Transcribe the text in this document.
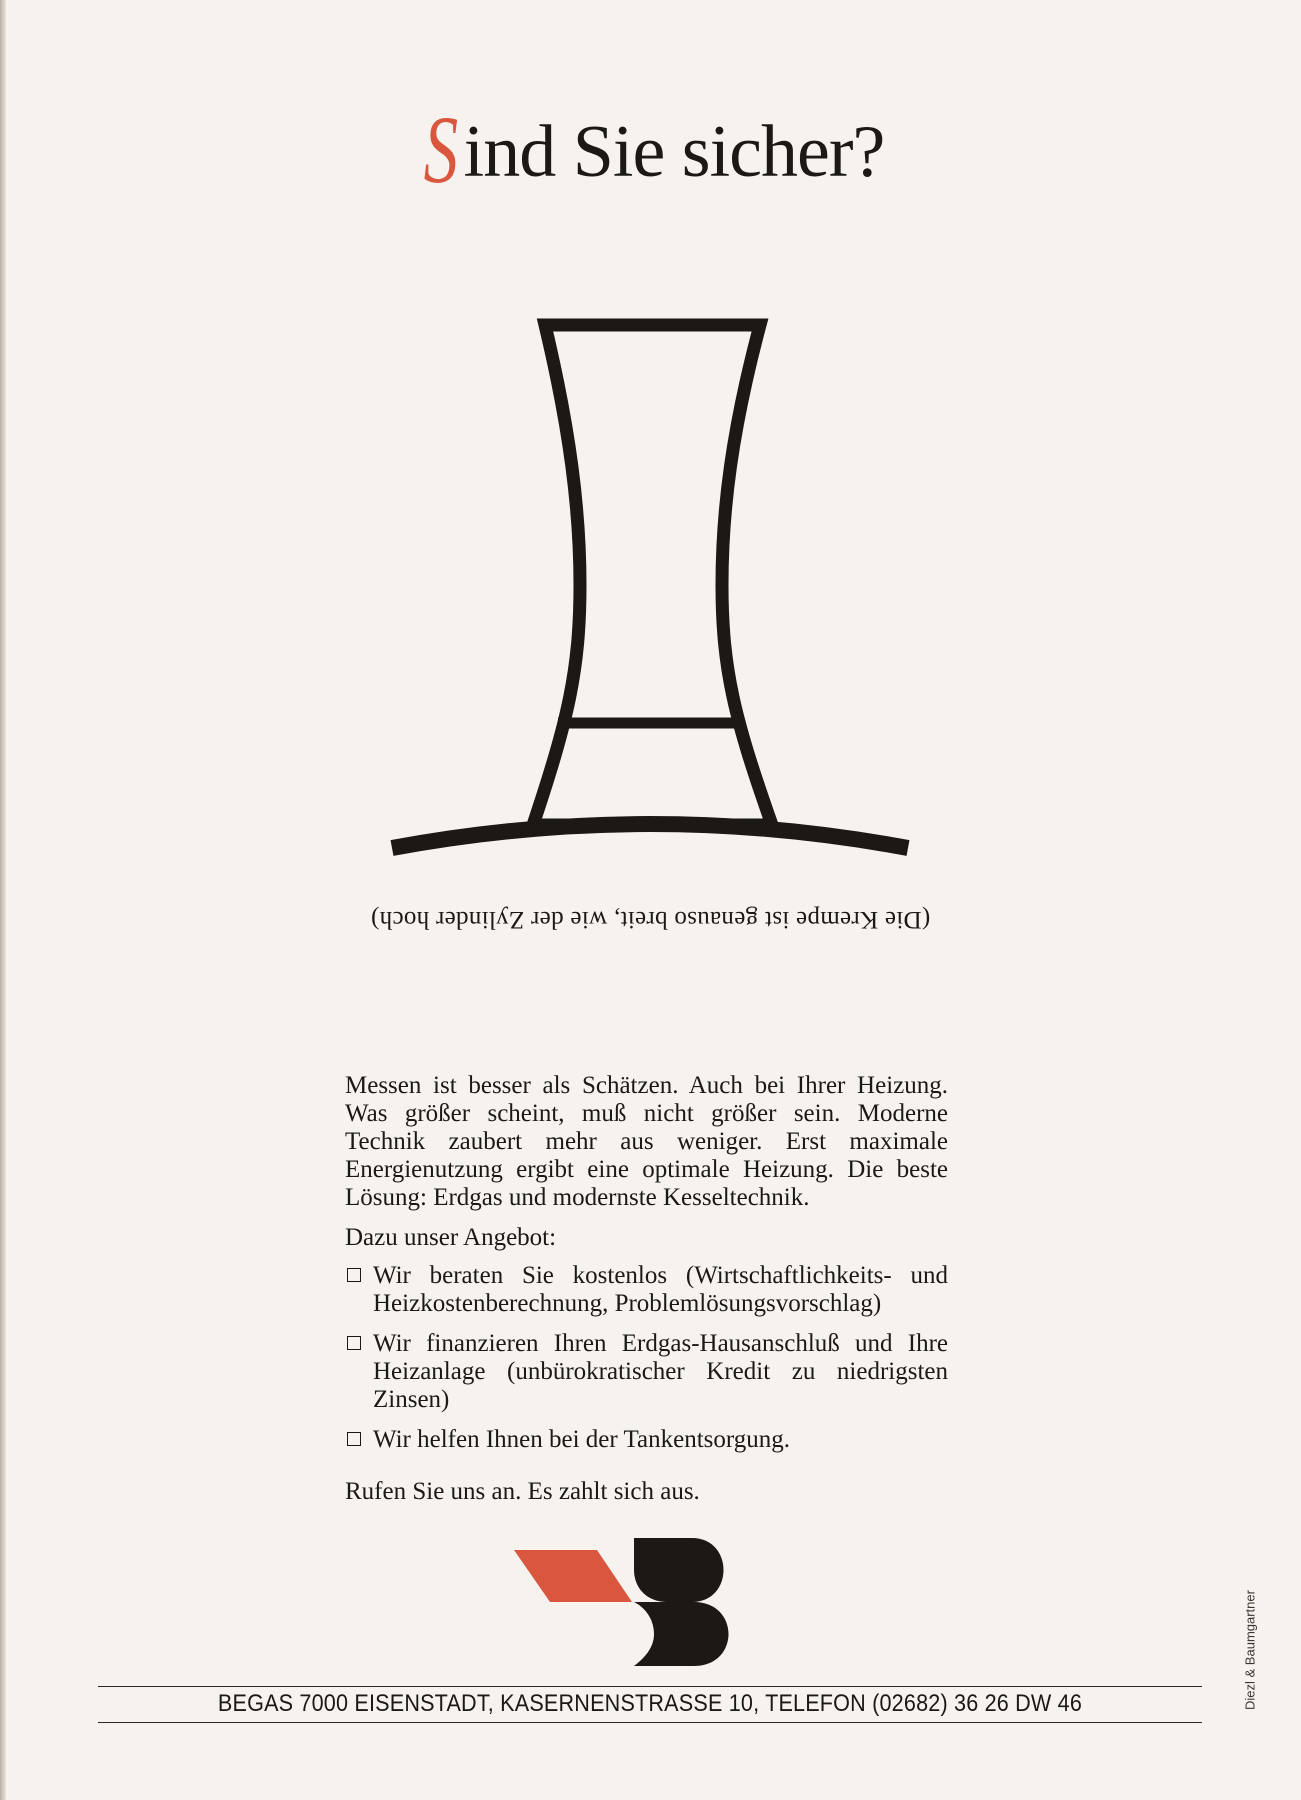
Sind Sie sicher?
(Die Krempe ist genauso breit, wie der Zylinder hoch)

Messen ist besser als Schätzen. Auch bei Ihrer Heizung. Was größer scheint, muß nicht größer sein. Moderne Technik zaubert mehr aus weniger. Erst maximale Energienutzung ergibt eine optimale Heizung. Die beste Lösung: Erdgas und modernste Kesseltechnik.

Dazu unser Angebot:

Wir beraten Sie kostenlos (Wirtschaftlichkeits- und Heizkostenberechnung, Problemlösungsvorschlag)
Wir finanzieren Ihren Erdgas-Hausanschluß und Ihre Heizanlage (unbürokratischer Kredit zu niedrigsten Zinsen)
Wir helfen Ihnen bei der Tankentsorgung.

Rufen Sie uns an. Es zahlt sich aus.

BEGAS 7000 EISENSTADT, KASERNENSTRASSE 10, TELEFON (02682) 36 26 DW 46	Diezl & Baumgartner
